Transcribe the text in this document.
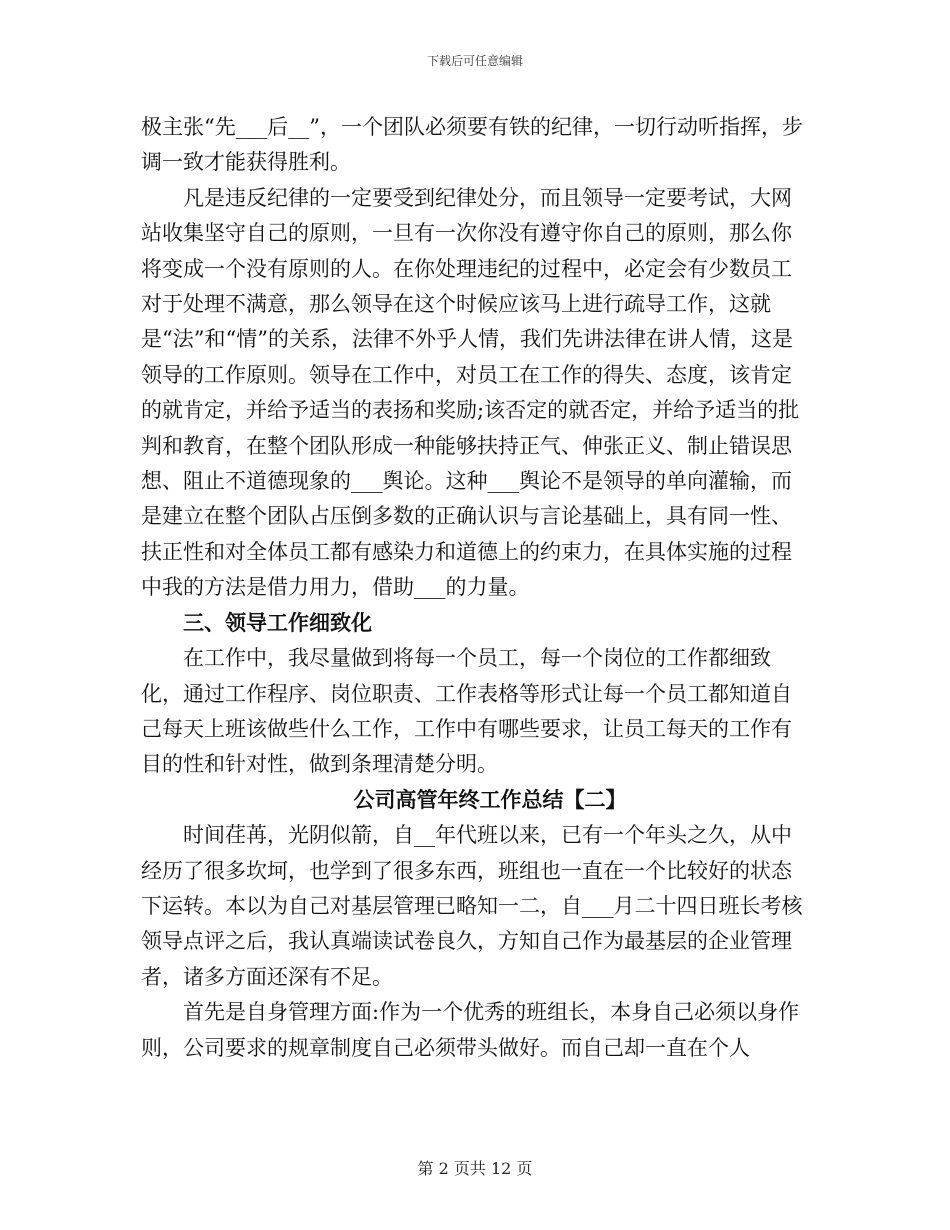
下载后可任意编辑

极主张“先___后__”，一个团队必须要有铁的纪律，一切行动听指挥，步调一致才能获得胜利。

凡是违反纪律的一定要受到纪律处分，而且领导一定要考试，大网站收集坚守自己的原则，一旦有一次你没有遵守你自己的原则，那么你将变成一个没有原则的人。在你处理违纪的过程中，必定会有少数员工对于处理不满意，那么领导在这个时候应该马上进行疏导工作，这就是“法”和“情”的关系，法律不外乎人情，我们先讲法律在讲人情，这是领导的工作原则。领导在工作中，对员工在工作的得失、态度，该肯定的就肯定，并给予适当的表扬和奖励;该否定的就否定，并给予适当的批判和教育，在整个团队形成一种能够扶持正气、伸张正义、制止错误思想、阻止不道德现象的___舆论。这种___舆论不是领导的单向灌输，而是建立在整个团队占压倒多数的正确认识与言论基础上，具有同一性、扶正性和对全体员工都有感染力和道德上的约束力，在具体实施的过程中我的方法是借力用力，借助___的力量。

三、领导工作细致化

在工作中，我尽量做到将每一个员工，每一个岗位的工作都细致化，通过工作程序、岗位职责、工作表格等形式让每一个员工都知道自己每天上班该做些什么工作，工作中有哪些要求，让员工每天的工作有目的性和针对性，做到条理清楚分明。

公司高管年终工作总结【二】

时间荏苒，光阴似箭，自__年代班以来，已有一个年头之久，从中经历了很多坎坷，也学到了很多东西，班组也一直在一个比较好的状态下运转。本以为自己对基层管理已略知一二，自___月二十四日班长考核领导点评之后，我认真端读试卷良久，方知自己作为最基层的企业管理者，诸多方面还深有不足。

首先是自身管理方面:作为一个优秀的班组长，本身自己必须以身作则，公司要求的规章制度自己必须带头做好。而自己却一直在个人

第 2 页共 12 页
